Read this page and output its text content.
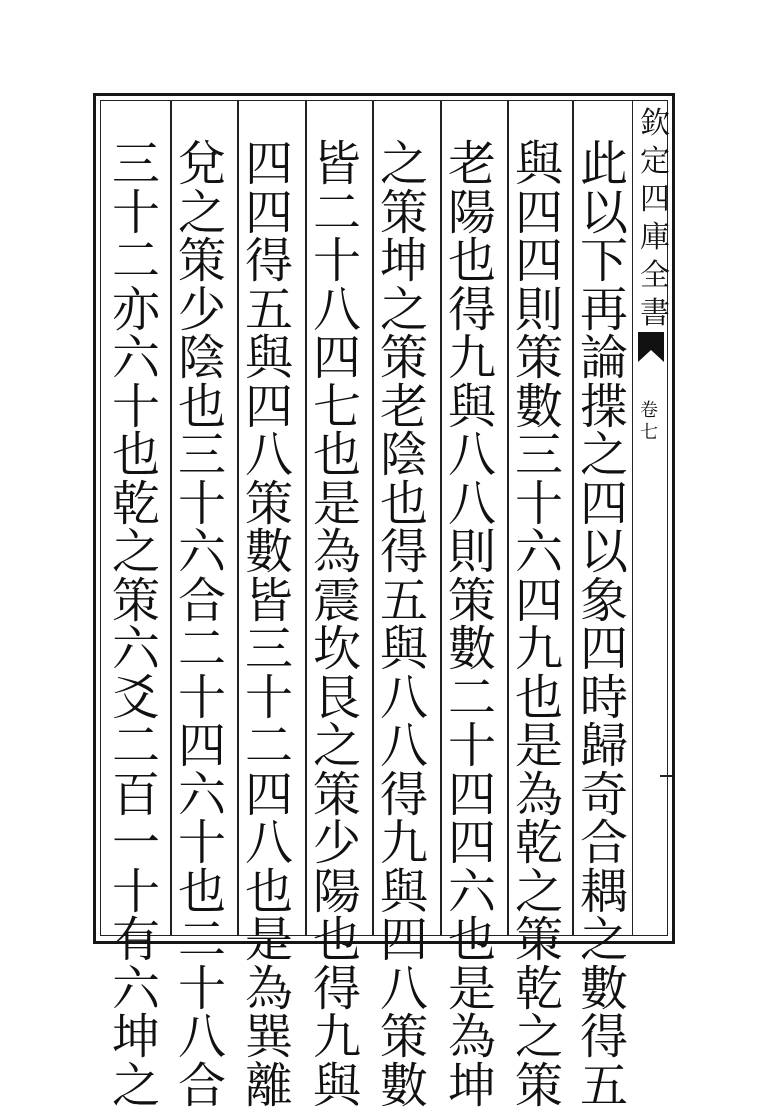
欽
定
四
庫
全
書
卷
七
此
以
下
再
論
揲
之
四
以
象
四
時
歸
奇
合
耦
之
數
得
五
與
四
四
則
策
數
三
十
六
四
九
也
是
為
乾
之
策
乾
之
策
老
陽
也
得
九
與
八
八
則
策
數
二
十
四
四
六
也
是
為
坤
之
策
坤
之
策
老
陰
也
得
五
與
八
八
得
九
與
四
八
策
數
皆
二
十
八
四
七
也
是
為
震
坎
艮
之
策
少
陽
也
得
九
與
四
四
得
五
與
四
八
策
數
皆
三
十
二
四
八
也
是
為
巽
離
兌
之
策
少
陰
也
三
十
六
合
二
十
四
六
十
也
二
十
八
合
三
十
二
亦
六
十
也
乾
之
策
六
爻
二
百
一
十
有
六
坤
之
